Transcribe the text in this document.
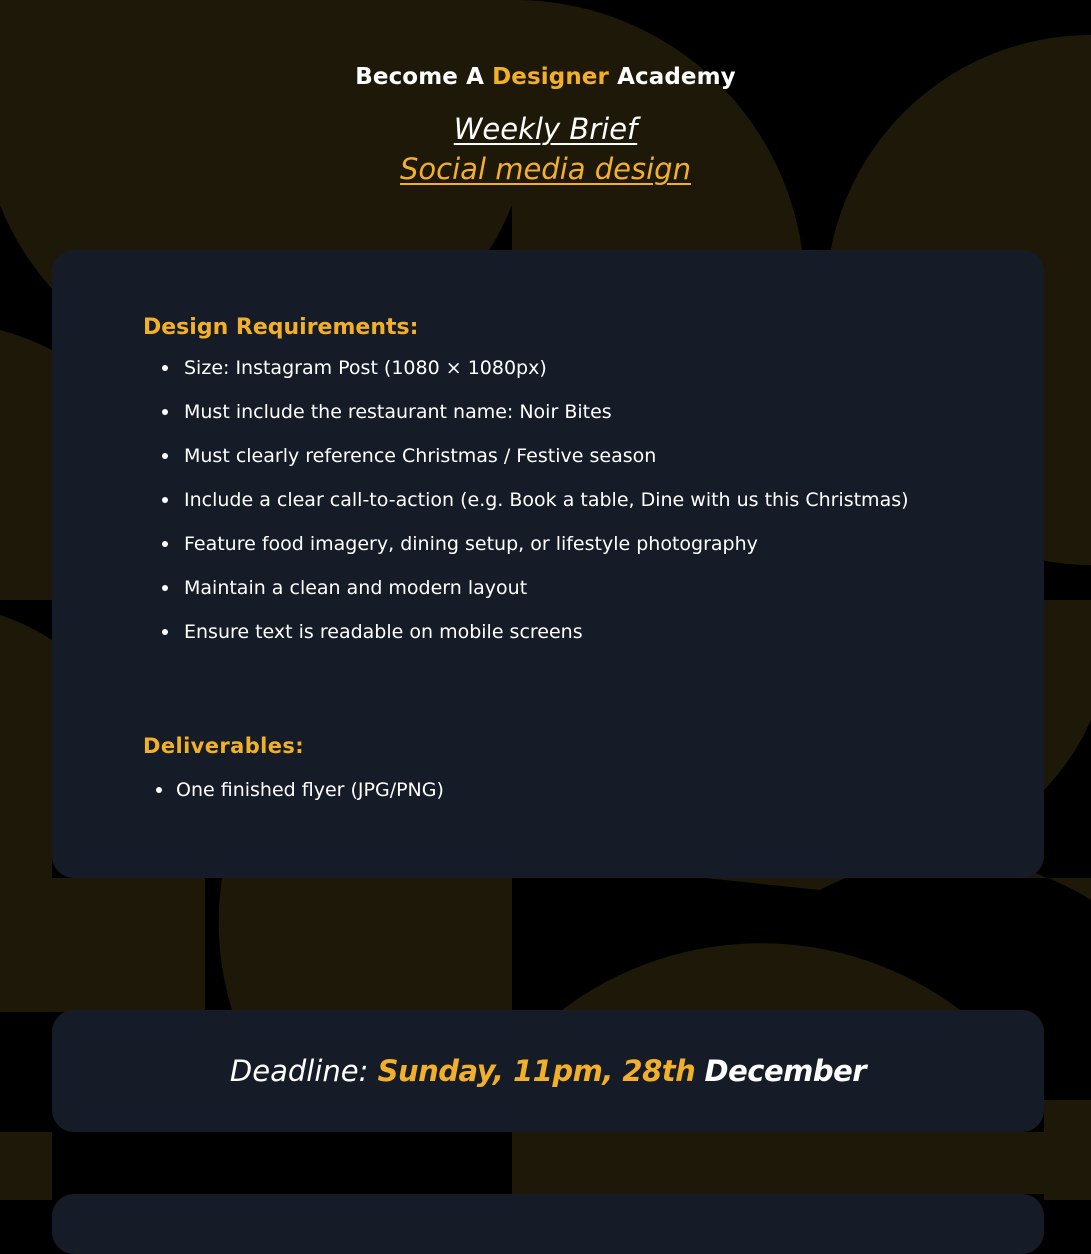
Become A Designer Academy
Weekly Brief
Social media design
Design Requirements:
Size: Instagram Post (1080 × 1080px)
Must include the restaurant name: Noir Bites
Must clearly reference Christmas / Festive season
Include a clear call-to-action (e.g. Book a table, Dine with us this Christmas)
Feature food imagery, dining setup, or lifestyle photography
Maintain a clean and modern layout
Ensure text is readable on mobile screens
Deliverables:
One finished flyer (JPG/PNG)
Deadline: Sunday, 11pm, 28th December
